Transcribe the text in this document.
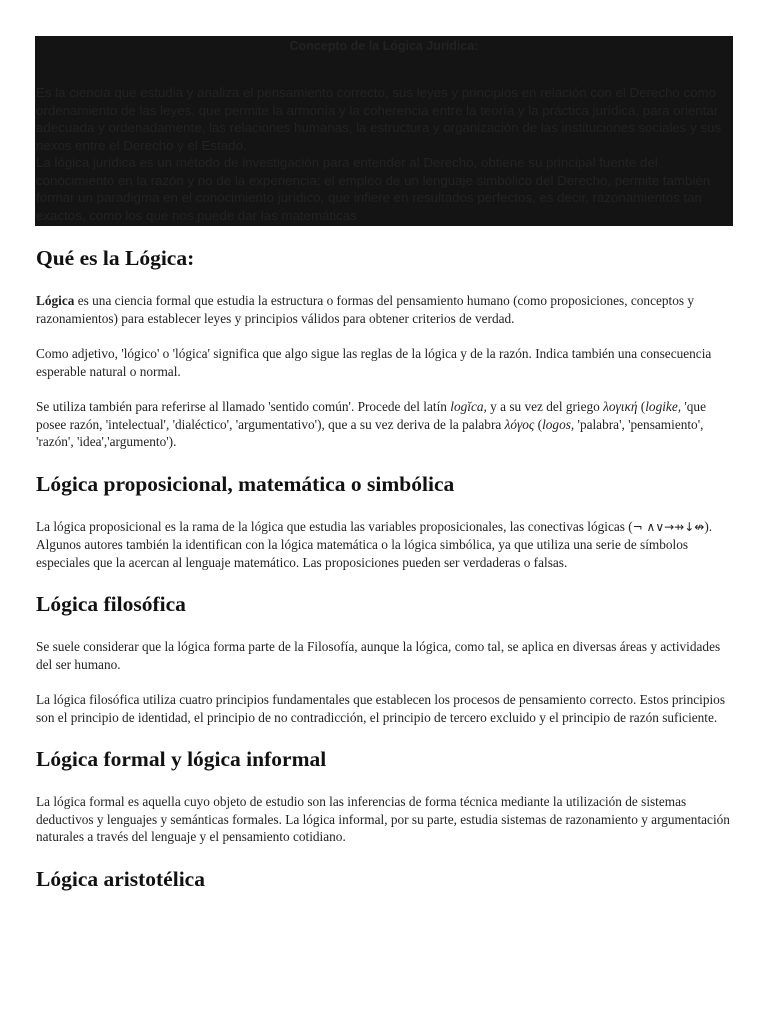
Concepto de la Lógica Jurídica:

Es la ciencia que estudia y analiza el pensamiento correcto, sus leyes y principios en relación con el Derecho como ordenamiento de las leyes, que permite la armonía y la coherencia entre la teoría y la práctica jurídica, para orientar adecuada y ordenadamente, las relaciones humanas, la estructura y organización de las instituciones sociales y sus nexos entre el Derecho y el Estado.

La lógica jurídica es un método de investigación para entender al Derecho, obtiene su principal fuente del conocimiento en la razón y no de la experiencia; el empleo de un lenguaje simbólico del Derecho, permite también formar un paradigma en el conocimiento jurídico, que infiere en resultados perfectos, es decir, razonamientos tan exactos, como los que nos puede dar las matemáticas

Qué es la Lógica:

Lógica es una ciencia formal que estudia la estructura o formas del pensamiento humano (como proposiciones, conceptos y razonamientos) para establecer leyes y principios válidos para obtener criterios de verdad.

Como adjetivo, 'lógico' o 'lógica' significa que algo sigue las reglas de la lógica y de la razón. Indica también una consecuencia esperable natural o normal.

Se utiliza también para referirse al llamado 'sentido común'. Procede del latín logĭca, y a su vez del griego λογική (logike, 'que posee razón, 'intelectual', 'dialéctico', 'argumentativo'), que a su vez deriva de la palabra λόγος (logos, 'palabra', 'pensamiento', 'razón', 'idea','argumento').

Lógica proposicional, matemática o simbólica

La lógica proposicional es la rama de la lógica que estudia las variables proposicionales, las conectivas lógicas (¬ ∧∨→⇸↓↮). Algunos autores también la identifican con la lógica matemática o la lógica simbólica, ya que utiliza una serie de símbolos especiales que la acercan al lenguaje matemático. Las proposiciones pueden ser verdaderas o falsas.

Lógica filosófica

Se suele considerar que la lógica forma parte de la Filosofía, aunque la lógica, como tal, se aplica en diversas áreas y actividades del ser humano.

La lógica filosófica utiliza cuatro principios fundamentales que establecen los procesos de pensamiento correcto. Estos principios son el principio de identidad, el principio de no contradicción, el principio de tercero excluido y el principio de razón suficiente.

Lógica formal y lógica informal

La lógica formal es aquella cuyo objeto de estudio son las inferencias de forma técnica mediante la utilización de sistemas deductivos y lenguajes y semánticas formales. La lógica informal, por su parte, estudia sistemas de razonamiento y argumentación naturales a través del lenguaje y el pensamiento cotidiano.

Lógica aristotélica
